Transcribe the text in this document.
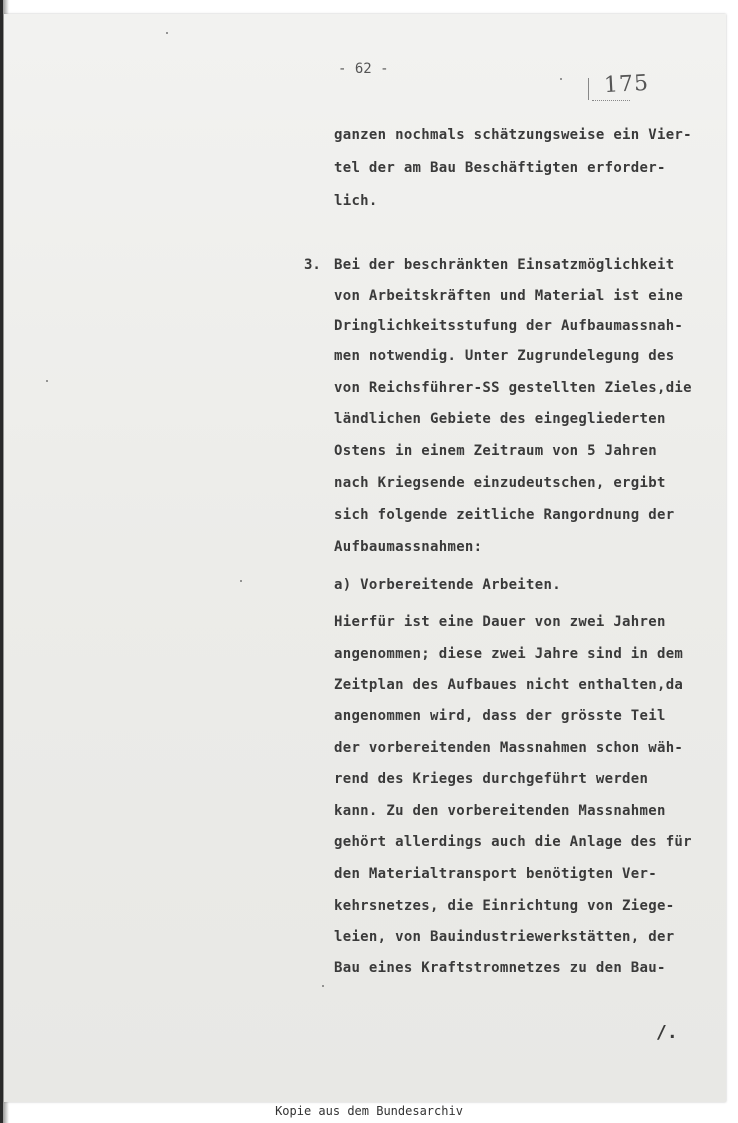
- 62 -
175
ganzen nochmals schätzungsweise ein Vier-
tel der am Bau Beschäftigten erforder-
lich.
3. Bei der beschränkten Einsatzmöglichkeit
von Arbeitskräften und Material ist eine
Dringlichkeitsstufung der Aufbaumassnah-
men notwendig. Unter Zugrundelegung des
von Reichsführer-SS gestellten Zieles,die
ländlichen Gebiete des eingegliederten
Ostens in einem Zeitraum von 5 Jahren
nach Kriegsende einzudeutschen, ergibt
sich folgende zeitliche Rangordnung der
Aufbaumassnahmen:
a) Vorbereitende Arbeiten.
Hierfür ist eine Dauer von zwei Jahren
angenommen; diese zwei Jahre sind in dem
Zeitplan des Aufbaues nicht enthalten,da
angenommen wird, dass der grösste Teil
der vorbereitenden Massnahmen schon wäh-
rend des Krieges durchgeführt werden
kann. Zu den vorbereitenden Massnahmen
gehört allerdings auch die Anlage des für
den Materialtransport benötigten Ver-
kehrsnetzes, die Einrichtung von Ziege-
leien, von Bauindustriewerkstätten, der
Bau eines Kraftstromnetzes zu den Bau-
/.
Kopie aus dem Bundesarchiv
